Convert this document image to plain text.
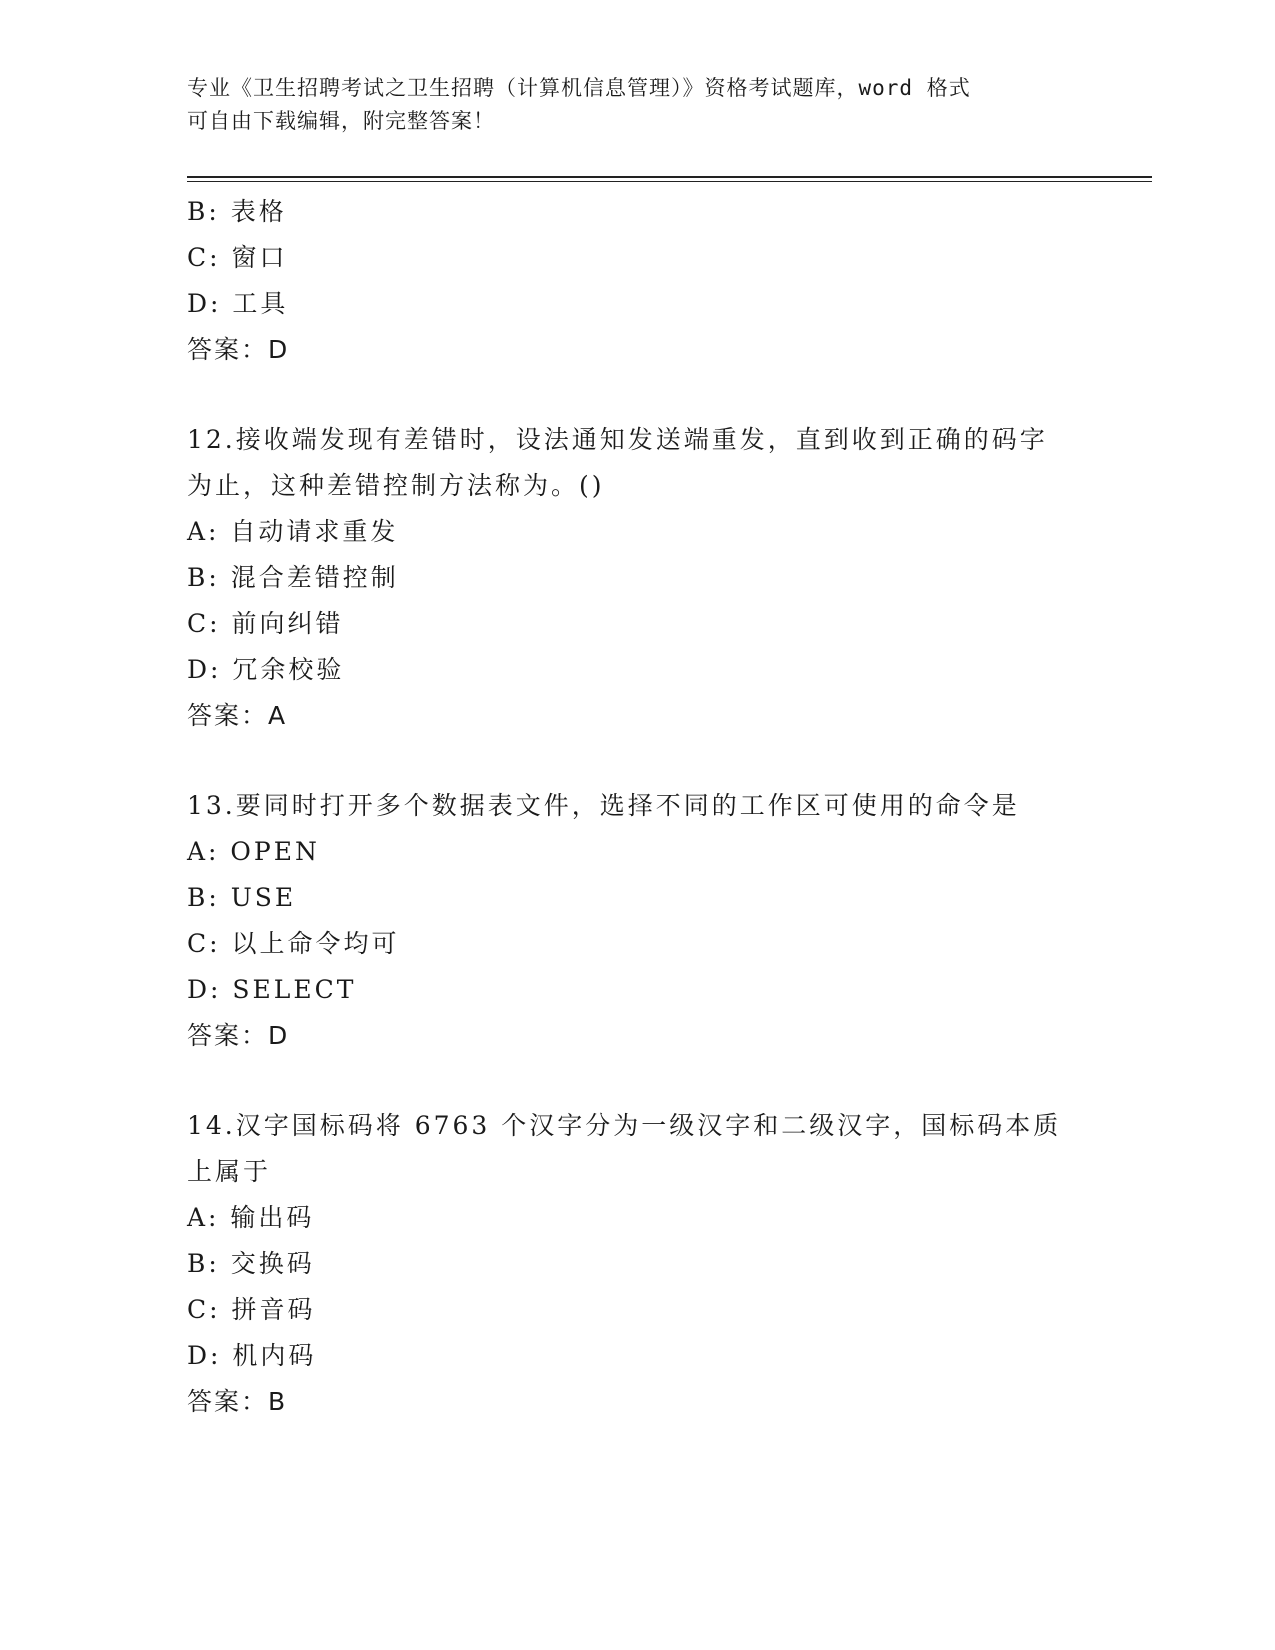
专业《卫生招聘考试之卫生招聘（计算机信息管理）》资格考试题库，word 格式
可自由下载编辑，附完整答案！
B: 表格
C: 窗口
D: 工具
答案：D
12.接收端发现有差错时，设法通知发送端重发，直到收到正确的码字
为止，这种差错控制方法称为。()
A: 自动请求重发
B: 混合差错控制
C: 前向纠错
D: 冗余校验
答案：A
13.要同时打开多个数据表文件，选择不同的工作区可使用的命令是
A: OPEN
B: USE
C: 以上命令均可
D: SELECT
答案：D
14.汉字国标码将 6763 个汉字分为一级汉字和二级汉字，国标码本质
上属于
A: 输出码
B: 交换码
C: 拼音码
D: 机内码
答案：B
